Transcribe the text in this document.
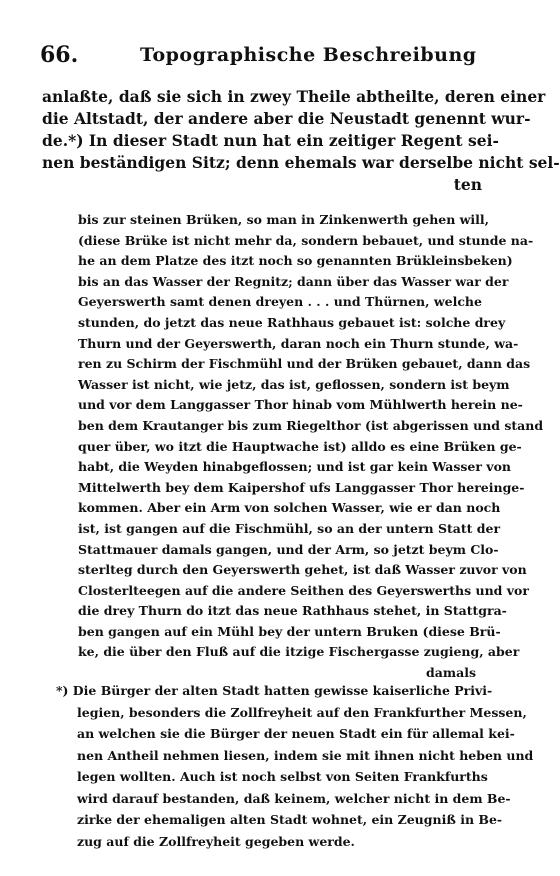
66.	Topographische Beschreibung
anlaßte, daß sie sich in zwey Theile abtheilte, deren einer
die Altstadt, der andere aber die Neustadt genennt wur-
de.*) In dieser Stadt nun hat ein zeitiger Regent sei-
nen beständigen Sitz; denn ehemals war derselbe nicht sel-
ten
bis zur steinen Brüken, so man in Zinkenwerth gehen will,
(diese Brüke ist nicht mehr da, sondern bebauet, und stunde na-
he an dem Platze des itzt noch so genannten Brükleinsbeken)
bis an das Wasser der Regnitz; dann über das Wasser war der
Geyerswerth samt denen dreyen . . . und Thürnen, welche
stunden, do jetzt das neue Rathhaus gebauet ist: solche drey
Thurn und der Geyerswerth, daran noch ein Thurn stunde, wa-
ren zu Schirm der Fischmühl und der Brüken gebauet, dann das
Wasser ist nicht, wie jetz, das ist, geflossen, sondern ist beym
und vor dem Langgasser Thor hinab vom Mühlwerth herein ne-
ben dem Krautanger bis zum Riegelthor (ist abgerissen und stand
quer über, wo itzt die Hauptwache ist) alldo es eine Brüken ge-
habt, die Weyden hinabgeflossen; und ist gar kein Wasser von
Mittelwerth bey dem Kaipershof ufs Langgasser Thor hereinge-
kommen. Aber ein Arm von solchen Wasser, wie er dan noch
ist, ist gangen auf die Fischmühl, so an der untern Statt der
Stattmauer damals gangen, und der Arm, so jetzt beym Clo-
sterlteg durch den Geyerswerth gehet, ist daß Wasser zuvor von
Closterlteegen auf die andere Seithen des Geyerswerths und vor
die drey Thurn do itzt das neue Rathhaus stehet, in Stattgra-
ben gangen auf ein Mühl bey der untern Bruken (diese Brü-
ke, die über den Fluß auf die itzige Fischergasse zugieng, aber
damals
*) Die Bürger der alten Stadt hatten gewisse kaiserliche Privi-
legien, besonders die Zollfreyheit auf den Frankfurther Messen,
an welchen sie die Bürger der neuen Stadt ein für allemal kei-
nen Antheil nehmen liesen, indem sie mit ihnen nicht heben und
legen wollten. Auch ist noch selbst von Seiten Frankfurths
wird darauf bestanden, daß keinem, welcher nicht in dem Be-
zirke der ehemaligen alten Stadt wohnet, ein Zeugniß in Be-
zug auf die Zollfreyheit gegeben werde.
